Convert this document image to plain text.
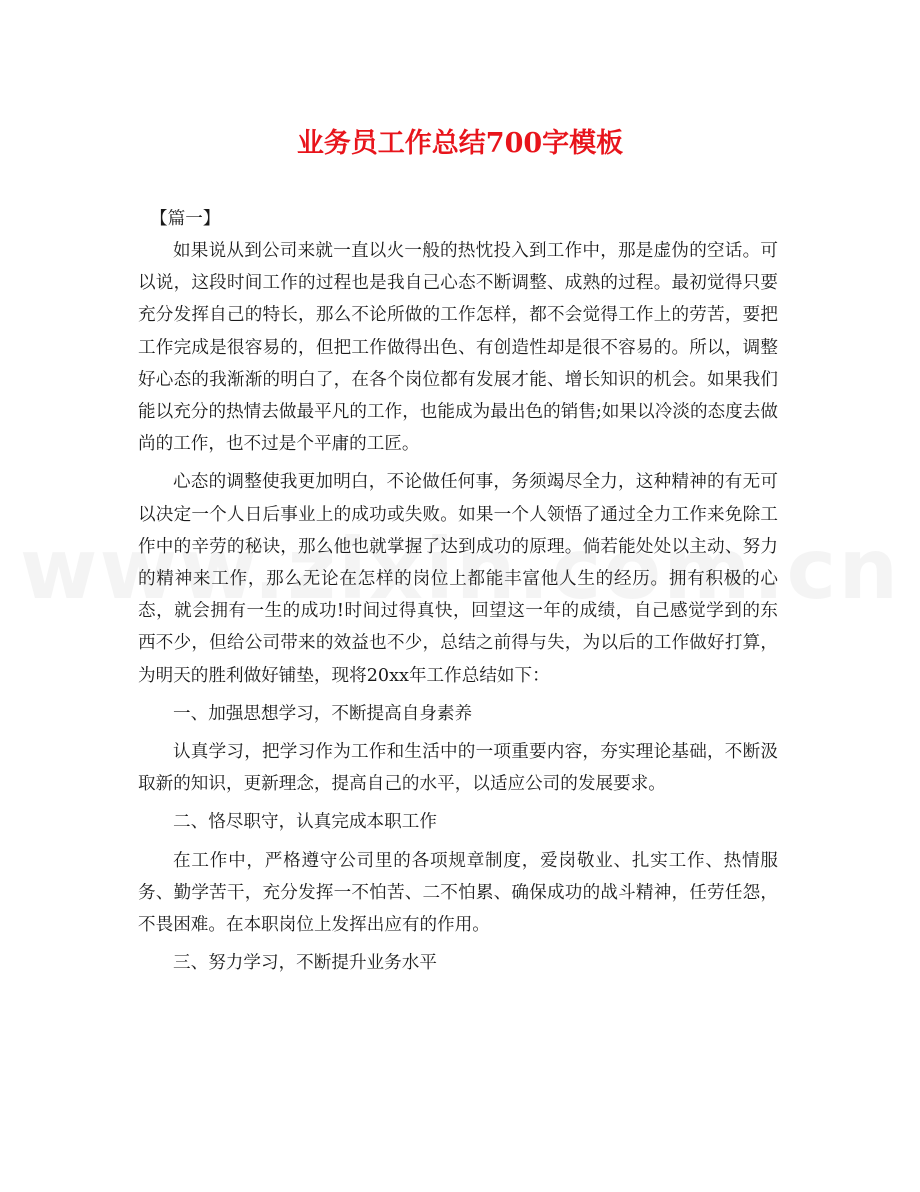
业务员工作总结700字模板

【篇一】

如果说从到公司来就一直以火一般的热忱投入到工作中，那是虚伪的空话。可以说，这段时间工作的过程也是我自己心态不断调整、成熟的过程。最初觉得只要充分发挥自己的特长，那么不论所做的工作怎样，都不会觉得工作上的劳苦，要把工作完成是很容易的，但把工作做得出色、有创造性却是很不容易的。所以，调整好心态的我渐渐的明白了，在各个岗位都有发展才能、增长知识的机会。如果我们能以充分的热情去做最平凡的工作，也能成为最出色的销售;如果以冷淡的态度去做尚的工作，也不过是个平庸的工匠。

心态的调整使我更加明白，不论做任何事，务须竭尽全力，这种精神的有无可以决定一个人日后事业上的成功或失败。如果一个人领悟了通过全力工作来免除工作中的辛劳的秘诀，那么他也就掌握了达到成功的原理。倘若能处处以主动、努力的精神来工作，那么无论在怎样的岗位上都能丰富他人生的经历。拥有积极的心态，就会拥有一生的成功!时间过得真快，回望这一年的成绩，自己感觉学到的东西不少，但给公司带来的效益也不少，总结之前得与失，为以后的工作做好打算，为明天的胜利做好铺垫，现将20xx年工作总结如下：

一、加强思想学习，不断提高自身素养

认真学习，把学习作为工作和生活中的一项重要内容，夯实理论基础，不断汲取新的知识，更新理念，提高自己的水平，以适应公司的发展要求。

二、恪尽职守，认真完成本职工作

在工作中，严格遵守公司里的各项规章制度，爱岗敬业、扎实工作、热情服务、勤学苦干，充分发挥一不怕苦、二不怕累、确保成功的战斗精神，任劳任怨，不畏困难。在本职岗位上发挥出应有的作用。

三、努力学习，不断提升业务水平
